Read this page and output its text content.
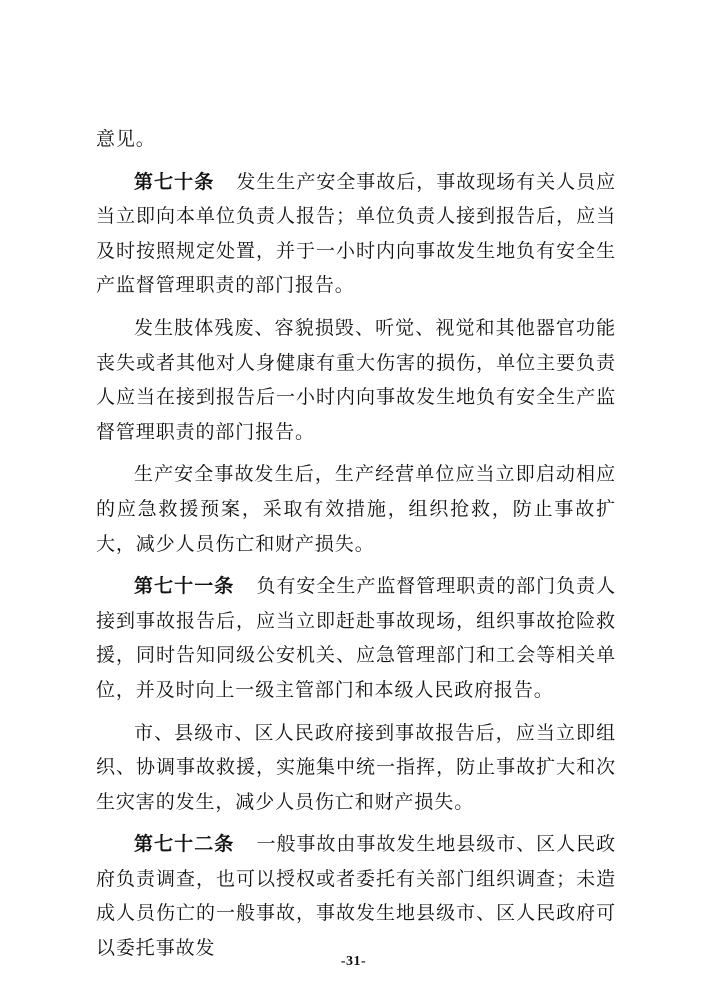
意见。

第七十条 发生生产安全事故后，事故现场有关人员应当立即向本单位负责人报告；单位负责人接到报告后，应当及时按照规定处置，并于一小时内向事故发生地负有安全生产监督管理职责的部门报告。

发生肢体残废、容貌损毁、听觉、视觉和其他器官功能丧失或者其他对人身健康有重大伤害的损伤，单位主要负责人应当在接到报告后一小时内向事故发生地负有安全生产监督管理职责的部门报告。

生产安全事故发生后，生产经营单位应当立即启动相应的应急救援预案，采取有效措施，组织抢救，防止事故扩大，减少人员伤亡和财产损失。

第七十一条 负有安全生产监督管理职责的部门负责人接到事故报告后，应当立即赶赴事故现场，组织事故抢险救援，同时告知同级公安机关、应急管理部门和工会等相关单位，并及时向上一级主管部门和本级人民政府报告。

市、县级市、区人民政府接到事故报告后，应当立即组织、协调事故救援，实施集中统一指挥，防止事故扩大和次生灾害的发生，减少人员伤亡和财产损失。

第七十二条 一般事故由事故发生地县级市、区人民政府负责调查，也可以授权或者委托有关部门组织调查；未造成人员伤亡的一般事故，事故发生地县级市、区人民政府可以委托事故发

-31-
